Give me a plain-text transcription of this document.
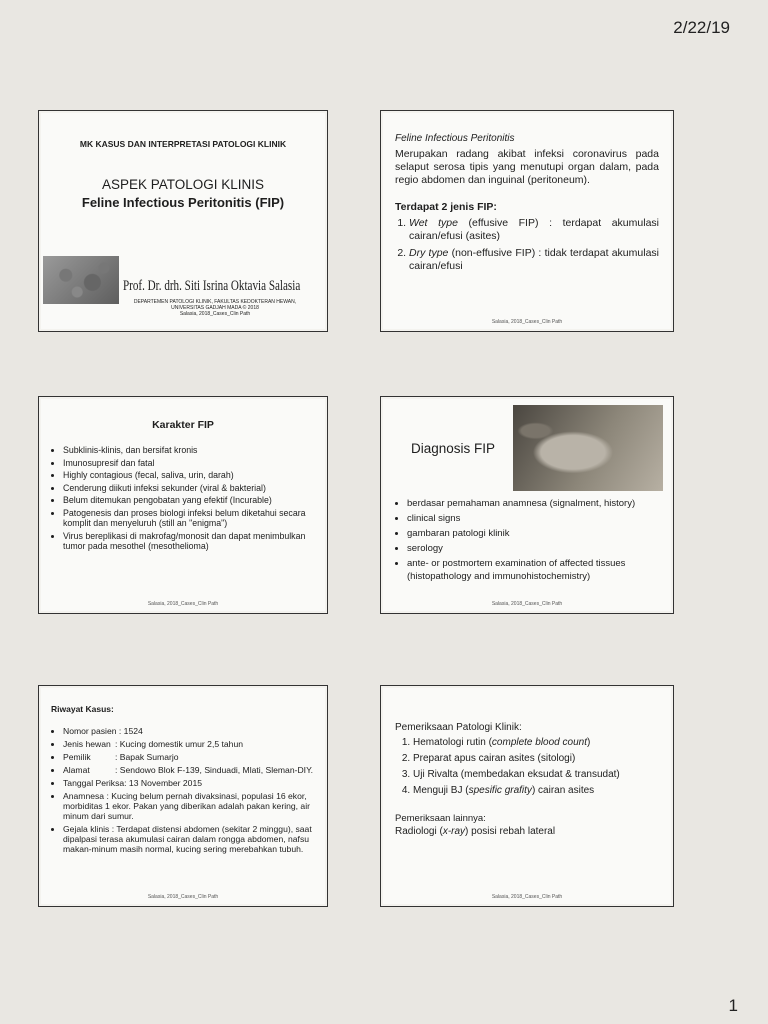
2/22/19
MK KASUS DAN INTERPRETASI PATOLOGI KLINIK
ASPEK PATOLOGI KLINIS
Feline Infectious Peritonitis (FIP)
Prof. Dr. drh. Siti Isrina Oktavia Salasia
DEPARTEMEN PATOLOGI KLINIK, FAKULTAS KEDOKTERAN HEWAN,
UNIVERSITAS GADJAH MADA © 2018
Salasia, 2018_Cases_Clin Path
Feline Infectious Peritonitis
Merupakan radang akibat infeksi coronavirus pada selaput serosa tipis yang menutupi organ dalam, pada regio abdomen dan inguinal (peritoneum).
Terdapat 2 jenis FIP:
1. Wet type (effusive FIP) : terdapat akumulasi cairan/efusi (asites)
2. Dry type (non-effusive FIP) : tidak terdapat akumulasi cairan/efusi
Salasia, 2018_Cases_Clin Path
Karakter FIP
• Subklinis-klinis, dan bersifat kronis
• Imunosupresif dan fatal
• Highly contagious (fecal, saliva, urin, darah)
• Cenderung diikuti infeksi sekunder (viral & bakterial)
• Belum ditemukan pengobatan yang efektif (Incurable)
• Patogenesis dan proses biologi infeksi belum diketahui secara komplit dan menyeluruh (still an "enigma")
• Virus bereplikasi di makrofag/monosit dan dapat menimbulkan tumor pada mesothel (mesothelioma)
Salasia, 2018_Cases_Clin Path
Diagnosis FIP
• berdasar pemahaman anamnesa (signalment, history)
• clinical signs
• gambaran patologi klinik
• serology
• ante- or postmortem examination of affected tissues (histopathology and immunohistochemistry)
Salasia, 2018_Cases_Clin Path
Riwayat Kasus:
• Nomor pasien : 1524
• Jenis hewan : Kucing domestik umur 2,5 tahun
• Pemilik	: Bapak Sumarjo
• Alamat	: Sendowo Blok F-139, Sinduadi, Mlati, Sleman-DIY.
• Tanggal Periksa: 13 November 2015
• Anamnesa : Kucing belum pernah divaksinasi, populasi 16 ekor, morbiditas 1 ekor. Pakan yang diberikan adalah pakan kering, air minum dari sumur.
• Gejala klinis : Terdapat distensi abdomen (sekitar 2 minggu), saat dipalpasi terasa akumulasi cairan dalam rongga abdomen, nafsu makan-minum masih normal, kucing sering merebahkan tubuh.
Salasia, 2018_Cases_Clin Path
Pemeriksaan Patologi Klinik:
1. Hematologi rutin (complete blood count)
2. Preparat apus cairan asites (sitologi)
3. Uji Rivalta (membedakan eksudat & transudat)
4. Menguji BJ (spesific grafity) cairan asites
Pemeriksaan lainnya:
Radiologi (x-ray) posisi rebah lateral
Salasia, 2018_Cases_Clin Path
1
